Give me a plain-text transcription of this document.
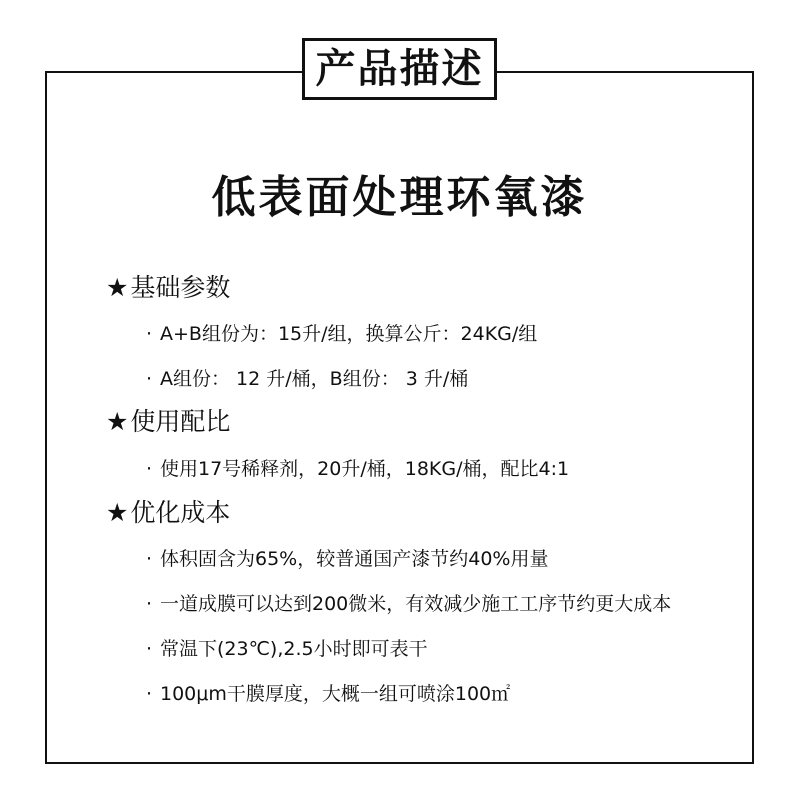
产品描述
低表面处理环氧漆
★基础参数
· A+B组份为：15升/组，换算公斤：24KG/组
· A组份： 12 升/桶，B组份： 3 升/桶
★使用配比
· 使用17号稀释剂，20升/桶，18KG/桶，配比4:1
★优化成本
· 体积固含为65%，较普通国产漆节约40%用量
· 一道成膜可以达到200微米，有效减少施工工序节约更大成本
· 常温下(23℃),2.5小时即可表干
· 100μm干膜厚度，大概一组可喷涂100㎡
